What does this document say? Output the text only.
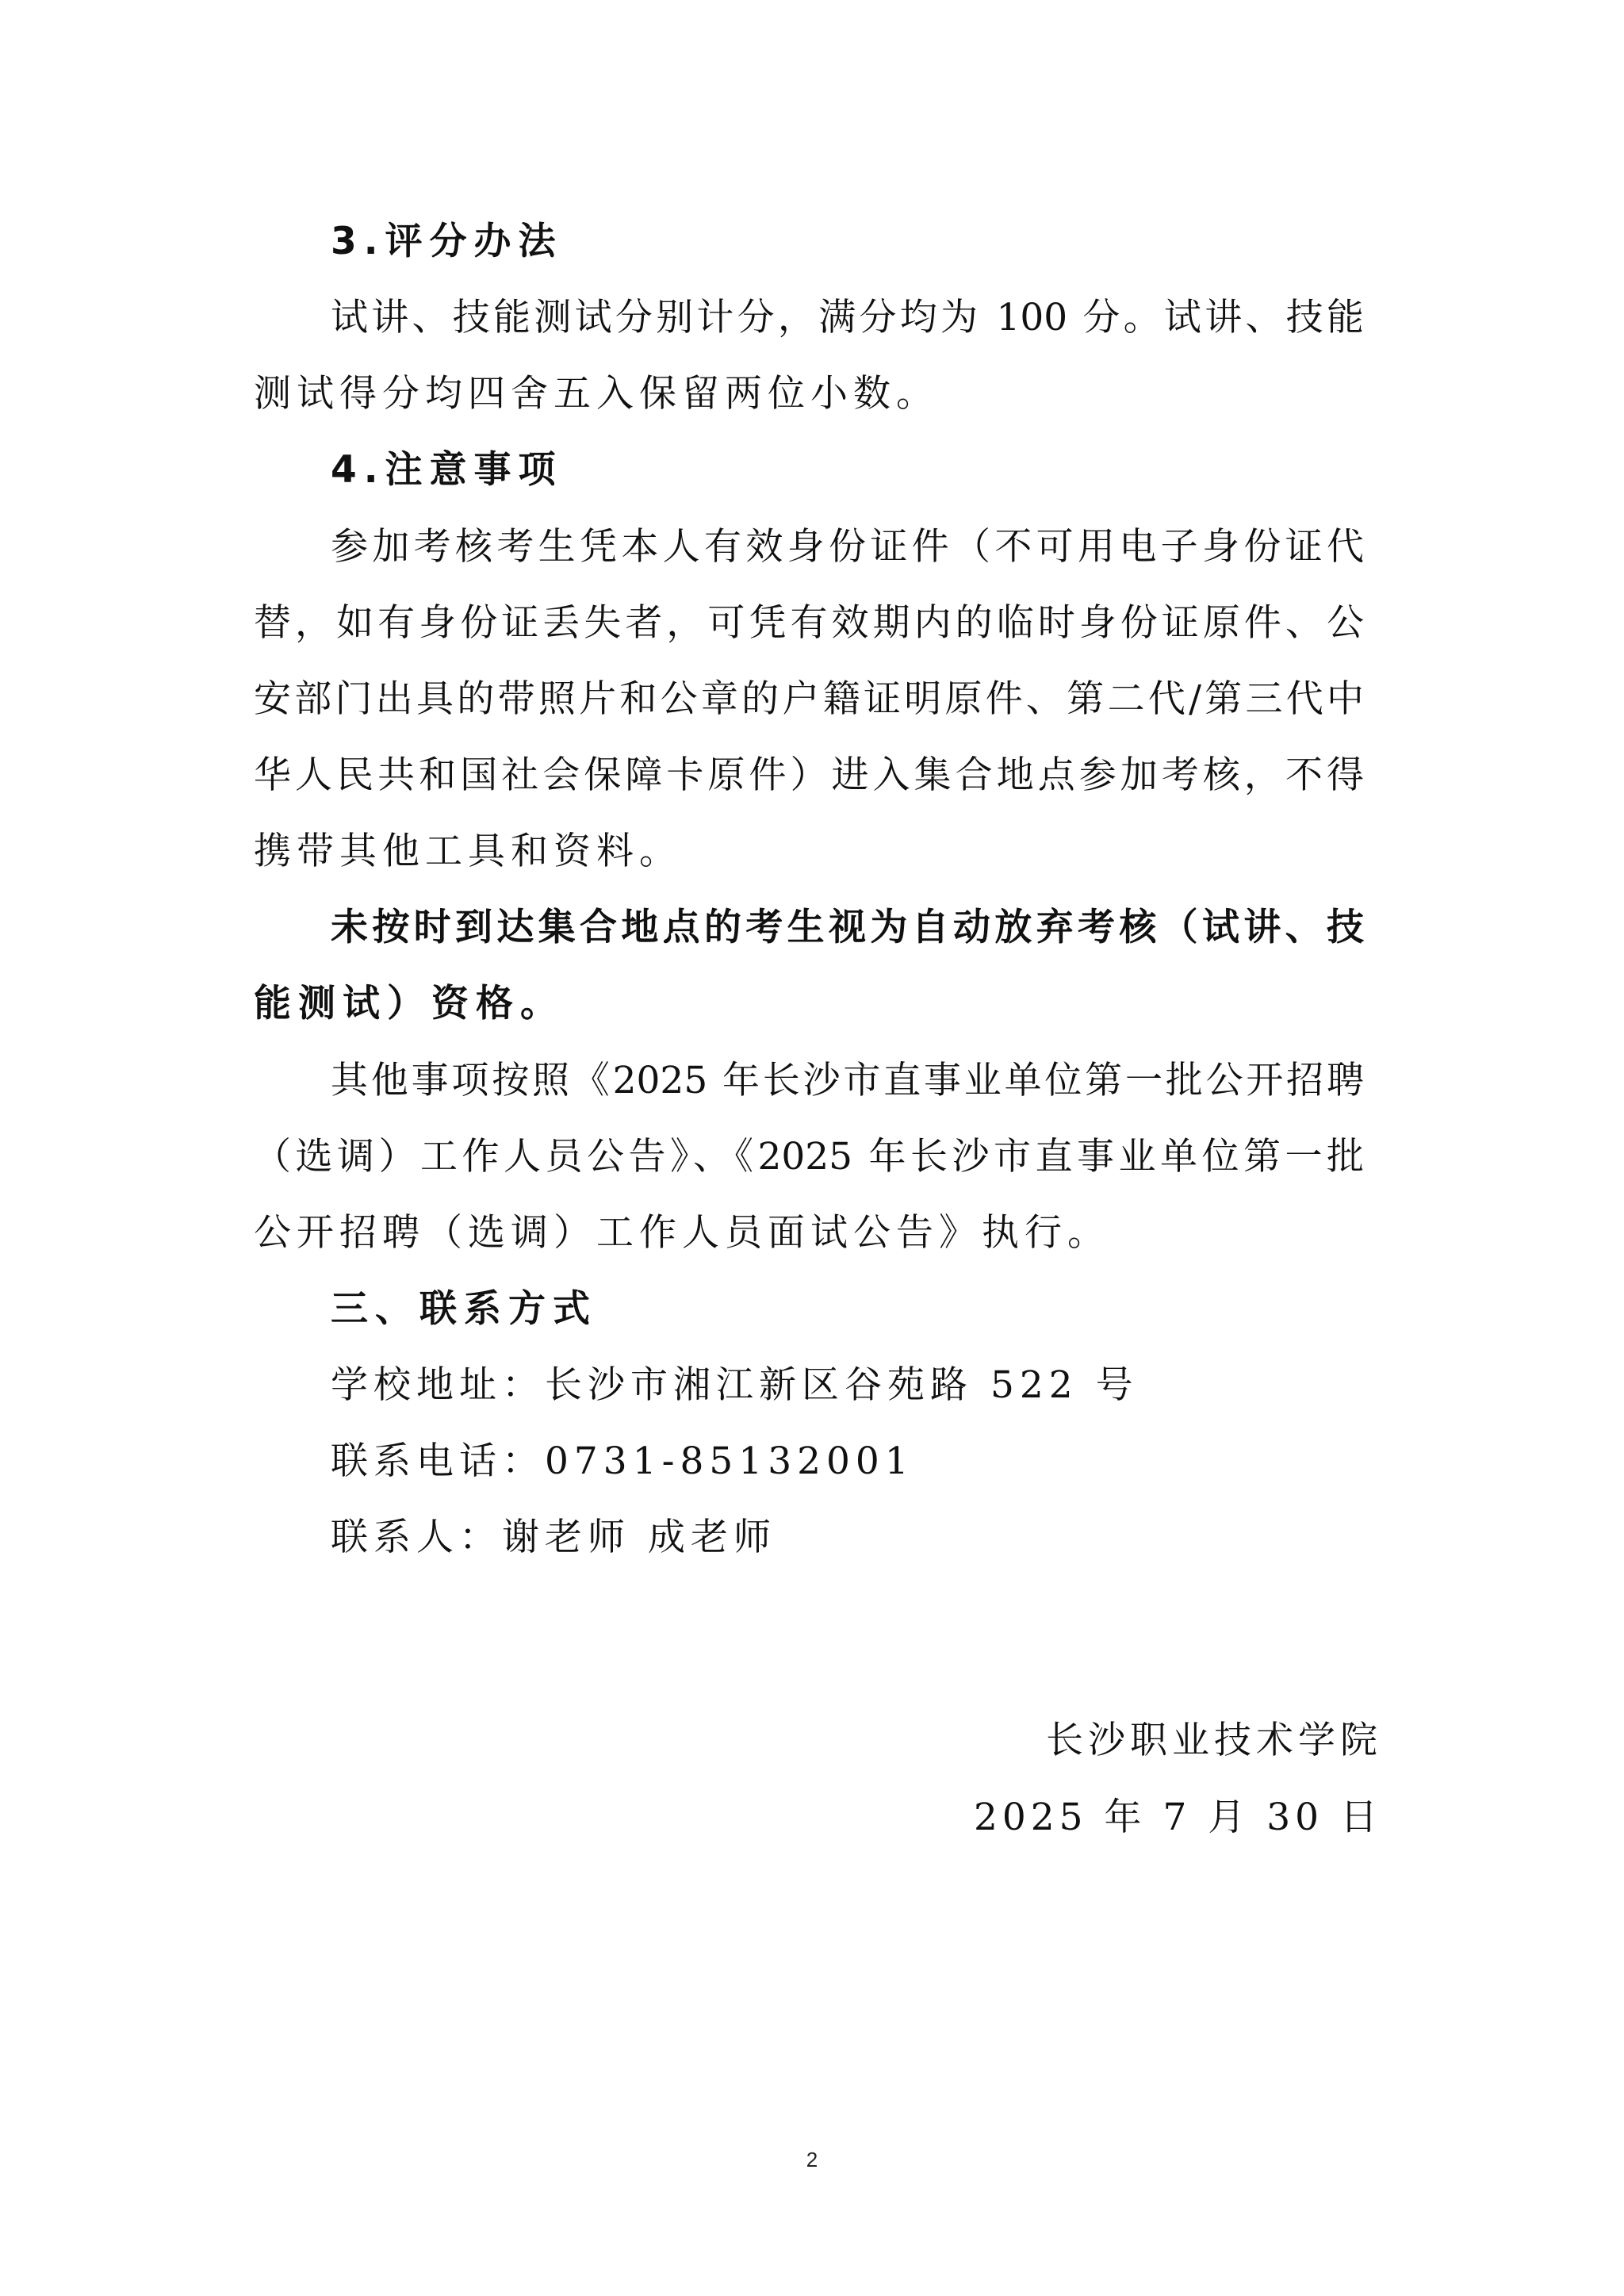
3.评分办法
试讲、技能测试分别计分，满分均为 100 分。试讲、技能
测试得分均四舍五入保留两位小数。
4.注意事项
参加考核考生凭本人有效身份证件（不可用电子身份证代
替，如有身份证丢失者，可凭有效期内的临时身份证原件、公
安部门出具的带照片和公章的户籍证明原件、第二代/第三代中
华人民共和国社会保障卡原件）进入集合地点参加考核，不得
携带其他工具和资料。
未按时到达集合地点的考生视为自动放弃考核（试讲、技
能测试）资格。
其他事项按照《2025 年长沙市直事业单位第一批公开招聘
（选调）工作人员公告》、《2025 年长沙市直事业单位第一批
公开招聘（选调）工作人员面试公告》执行。
三、联系方式
学校地址：长沙市湘江新区谷苑路 522 号
联系电话：0731-85132001
联系人：谢老师 成老师
长沙职业技术学院
2025 年 7 月 30 日
2
